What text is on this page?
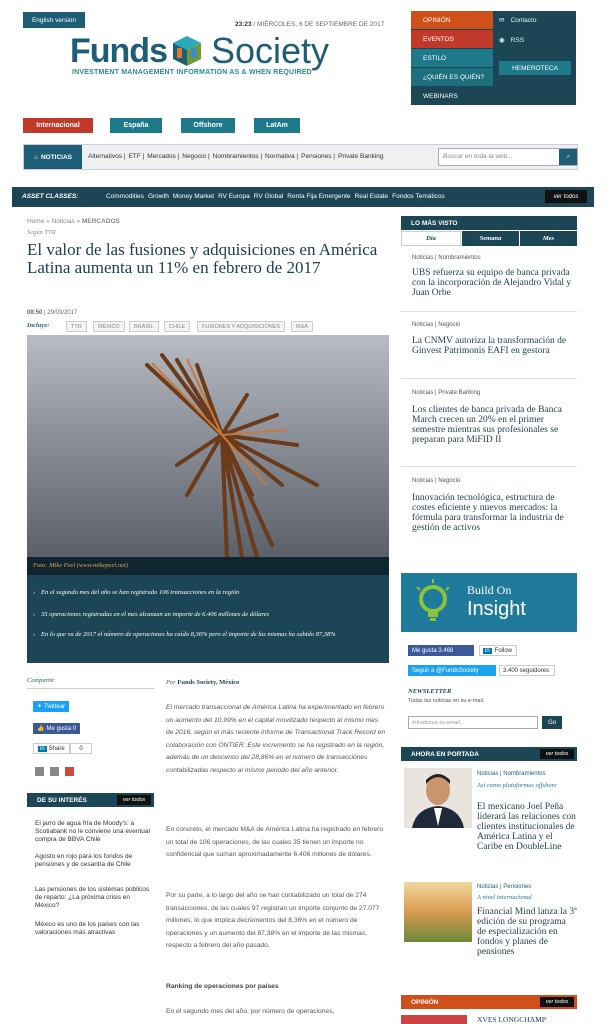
English version
23:23 / MIÉRCOLES, 6 DE SEPTIEMBRE DE 2017
Funds Society
INVESTMENT MANAGEMENT INFORMATION AS & WHEN REQUIRED
OPINIÓN
EVENTOS
ESTILO
¿QUIÉN ES QUIÉN?
WEBINARS
✉ Contacto
◉ RSS
HEMEROTECA
Internacional	España	Offshore	LatAm
⌂ NOTICIAS Alternativos | ETF | Mercados | Negocio | Nombramientos | Normativa | Pensiones | Private Banking	Buscar en toda la web...	⌕
ASSET CLASSES:	Commodities Growth Money Market RV Europa RV Global Renta Fija Emergente Real Estate Fondos Temáticos	ver todos
Home » Noticias » MERCADOS
Según TTR
El valor de las fusiones y adquisiciones en América Latina aumenta un 11% en febrero de 2017
08:50 | 29/03/2017
Incluye:	TTR	MÉXICO	BRASIL	CHILE	FUSIONES Y ADQUISICIONES	M&A
Foto: Mike Peel (www.mikepeel.net)
› En el segundo mes del año se han registrado 106 transacciones en la región
› 35 operaciones registradas en el mes alcanzan un importe de 6.406 millones de dólares
› En lo que va de 2017 el número de operaciones ha caído 8,36% pero el importe de las mismas ha subido 87,38%
Compartir
✦ Twittear
👍 Me gusta 0
in Share	0
DE SU INTERÉS	ver todos
El jarro de agua fría de Moody's: a Scotiabank no le conviene una eventual compra de BBVA Chile
Agosto en rojo para los fondos de pensiones y de cesantía de Chile
Las pensiones de los sistemas públicos de reparto: ¿La próxima crisis en México?
México es uno de los países con las valoraciones más atractivas
Por Funds Society, México
El mercado transaccional de América Latina ha experimentado en febrero un aumento del 10,99% en el capital movilizado respecto al mismo mes de 2016, según el más reciente informe de Transactional Track Record en colaboración con ONTIER. Este incremento se ha registrado en la región, además de un descenso del 28,86% en el número de transacciones contabilizadas respecto al mismo periodo del año anterior.
En concreto, el mercado M&A de América Latina ha registrado en febrero un total de 106 operaciones, de las cuales 35 tienen un importe no confidencial que suman aproximadamente 6.406 millones de dólares.
Por su parte, a lo largo del año se han contabilizado un total de 274 transacciones, de las cuales 97 registran un importe conjunto de 27.077 millones, lo que implica decrementos del 8,36% en el número de operaciones y un aumento del 87,38% en el importe de las mismas, respecto a febrero del año pasado.
Ranking de operaciones por países
En el segundo mes del año, por número de operaciones,
LO MÁS VISTO
Día	Semana	Mes
Noticias | Nombramientos
UBS refuerza su equipo de banca privada con la incorporación de Alejandro Vidal y Juan Orbe
Noticias | Negocio
La CNMV autoriza la transformación de Ginvest Patrimonis EAFI en gestora
Noticias | Private Banking
Los clientes de banca privada de Banca March crecen un 20% en el primer semestre mientras sus profesionales se preparan para MiFID II
Noticias | Negocio
Innovación tecnológica, estructura de costes eficiente y nuevos mercados: la fórmula para transformar la industria de gestión de activos
Build On
Insight
Me gusta 3.468	in Follow
Seguir a @FundsSociety	3.400 seguidores
NEWSLETTER
Todas las noticias en su e-mail.
Introduzca su email...	Go
AHORA EN PORTADA	ver todos
Noticias | Nombramientos
Así como plataformas offshore
El mexicano Joel Peña liderará las relaciones con clientes institucionales de América Latina y el Caribe en DoubleLine
Noticias | Pensiones
A nivel internacional
Financial Mind lanza la 3ª edición de su programa de especialización en fondos y planes de pensiones
OPINIÓN	ver todos
XVES LONGCHAMP
